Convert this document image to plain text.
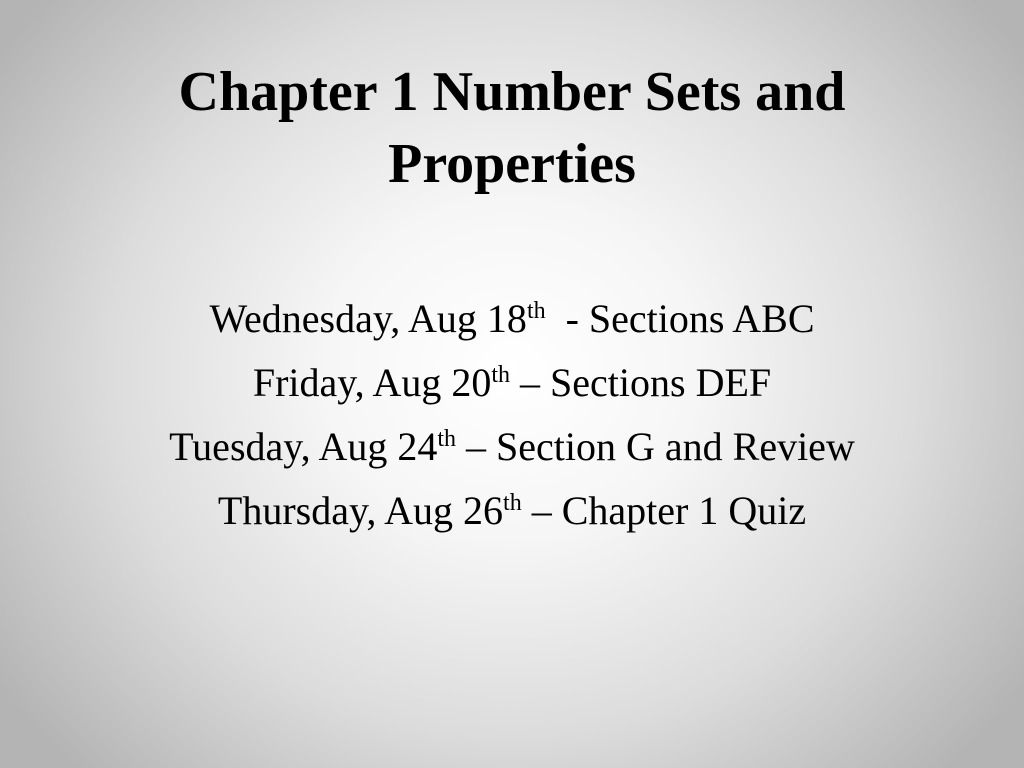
Chapter 1 Number Sets and
Properties
Wednesday, Aug 18th  - Sections ABC
Friday, Aug 20th – Sections DEF
Tuesday, Aug 24th – Section G and Review
Thursday, Aug 26th – Chapter 1 Quiz
